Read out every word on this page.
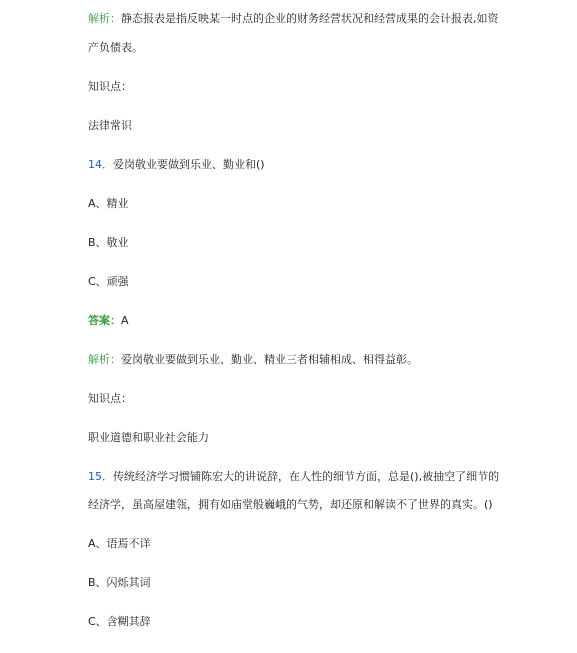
解析：静态报表是指反映某一时点的企业的财务经营状况和经营成果的会计报表,如资
产负债表。
知识点：
法律常识
14．爱岗敬业要做到乐业、勤业和()
A、精业
B、敬业
C、顽强
答案：A
解析：爱岗敬业要做到乐业、勤业、精业三者相辅相成、相得益彰。
知识点：
职业道德和职业社会能力
15．传统经济学习惯铺陈宏大的讲说辞，在人性的细节方面，总是(),被抽空了细节的
经济学，虽高屋建瓴，拥有如庙堂般巍峨的气势，却还原和解读不了世界的真实。()
A、语焉不详
B、闪烁其词
C、含糊其辞
